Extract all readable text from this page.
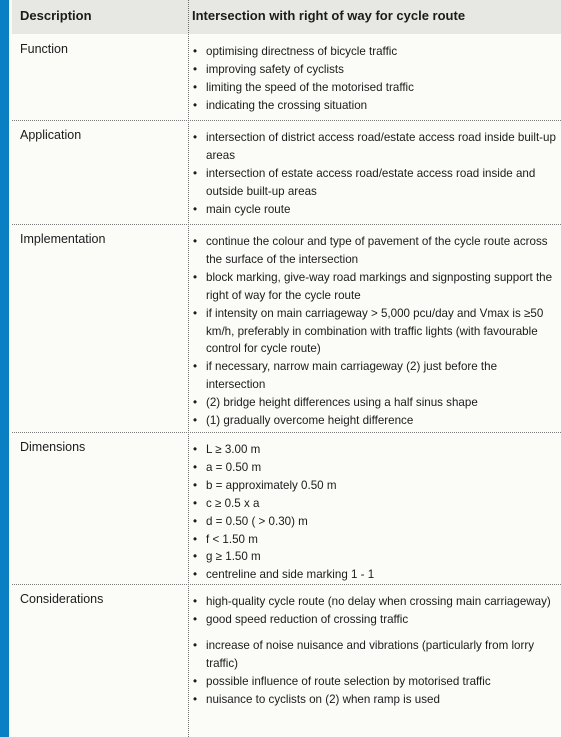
Description	Intersection with right of way for cycle route
Function	• optimising directness of bicycle traffic
• improving safety of cyclists
• limiting the speed of the motorised traffic
• indicating the crossing situation
Application	• intersection of district access road/estate access road inside built-up areas
• intersection of estate access road/estate access road inside and outside built-up areas
• main cycle route
Implementation	• continue the colour and type of pavement of the cycle route across the surface of the intersection
• block marking, give-way road markings and signposting support the right of way for the cycle route
• if intensity on main carriageway > 5,000 pcu/day and Vmax is ≥50 km/h, preferably in combination with traffic lights (with favourable control for cycle route)
• if necessary, narrow main carriageway (2) just before the intersection
• (2) bridge height differences using a half sinus shape
• (1) gradually overcome height difference
Dimensions	• L ≥ 3.00 m
• a = 0.50 m
• b = approximately 0.50 m
• c ≥ 0.5 x a
• d = 0.50 ( > 0.30) m
• f < 1.50 m
• g ≥ 1.50 m
• centreline and side marking 1 - 1
Considerations	• high-quality cycle route (no delay when crossing main carriageway)
• good speed reduction of crossing traffic
• increase of noise nuisance and vibrations (particularly from lorry traffic)
• possible influence of route selection by motorised traffic
• nuisance to cyclists on (2) when ramp is used
